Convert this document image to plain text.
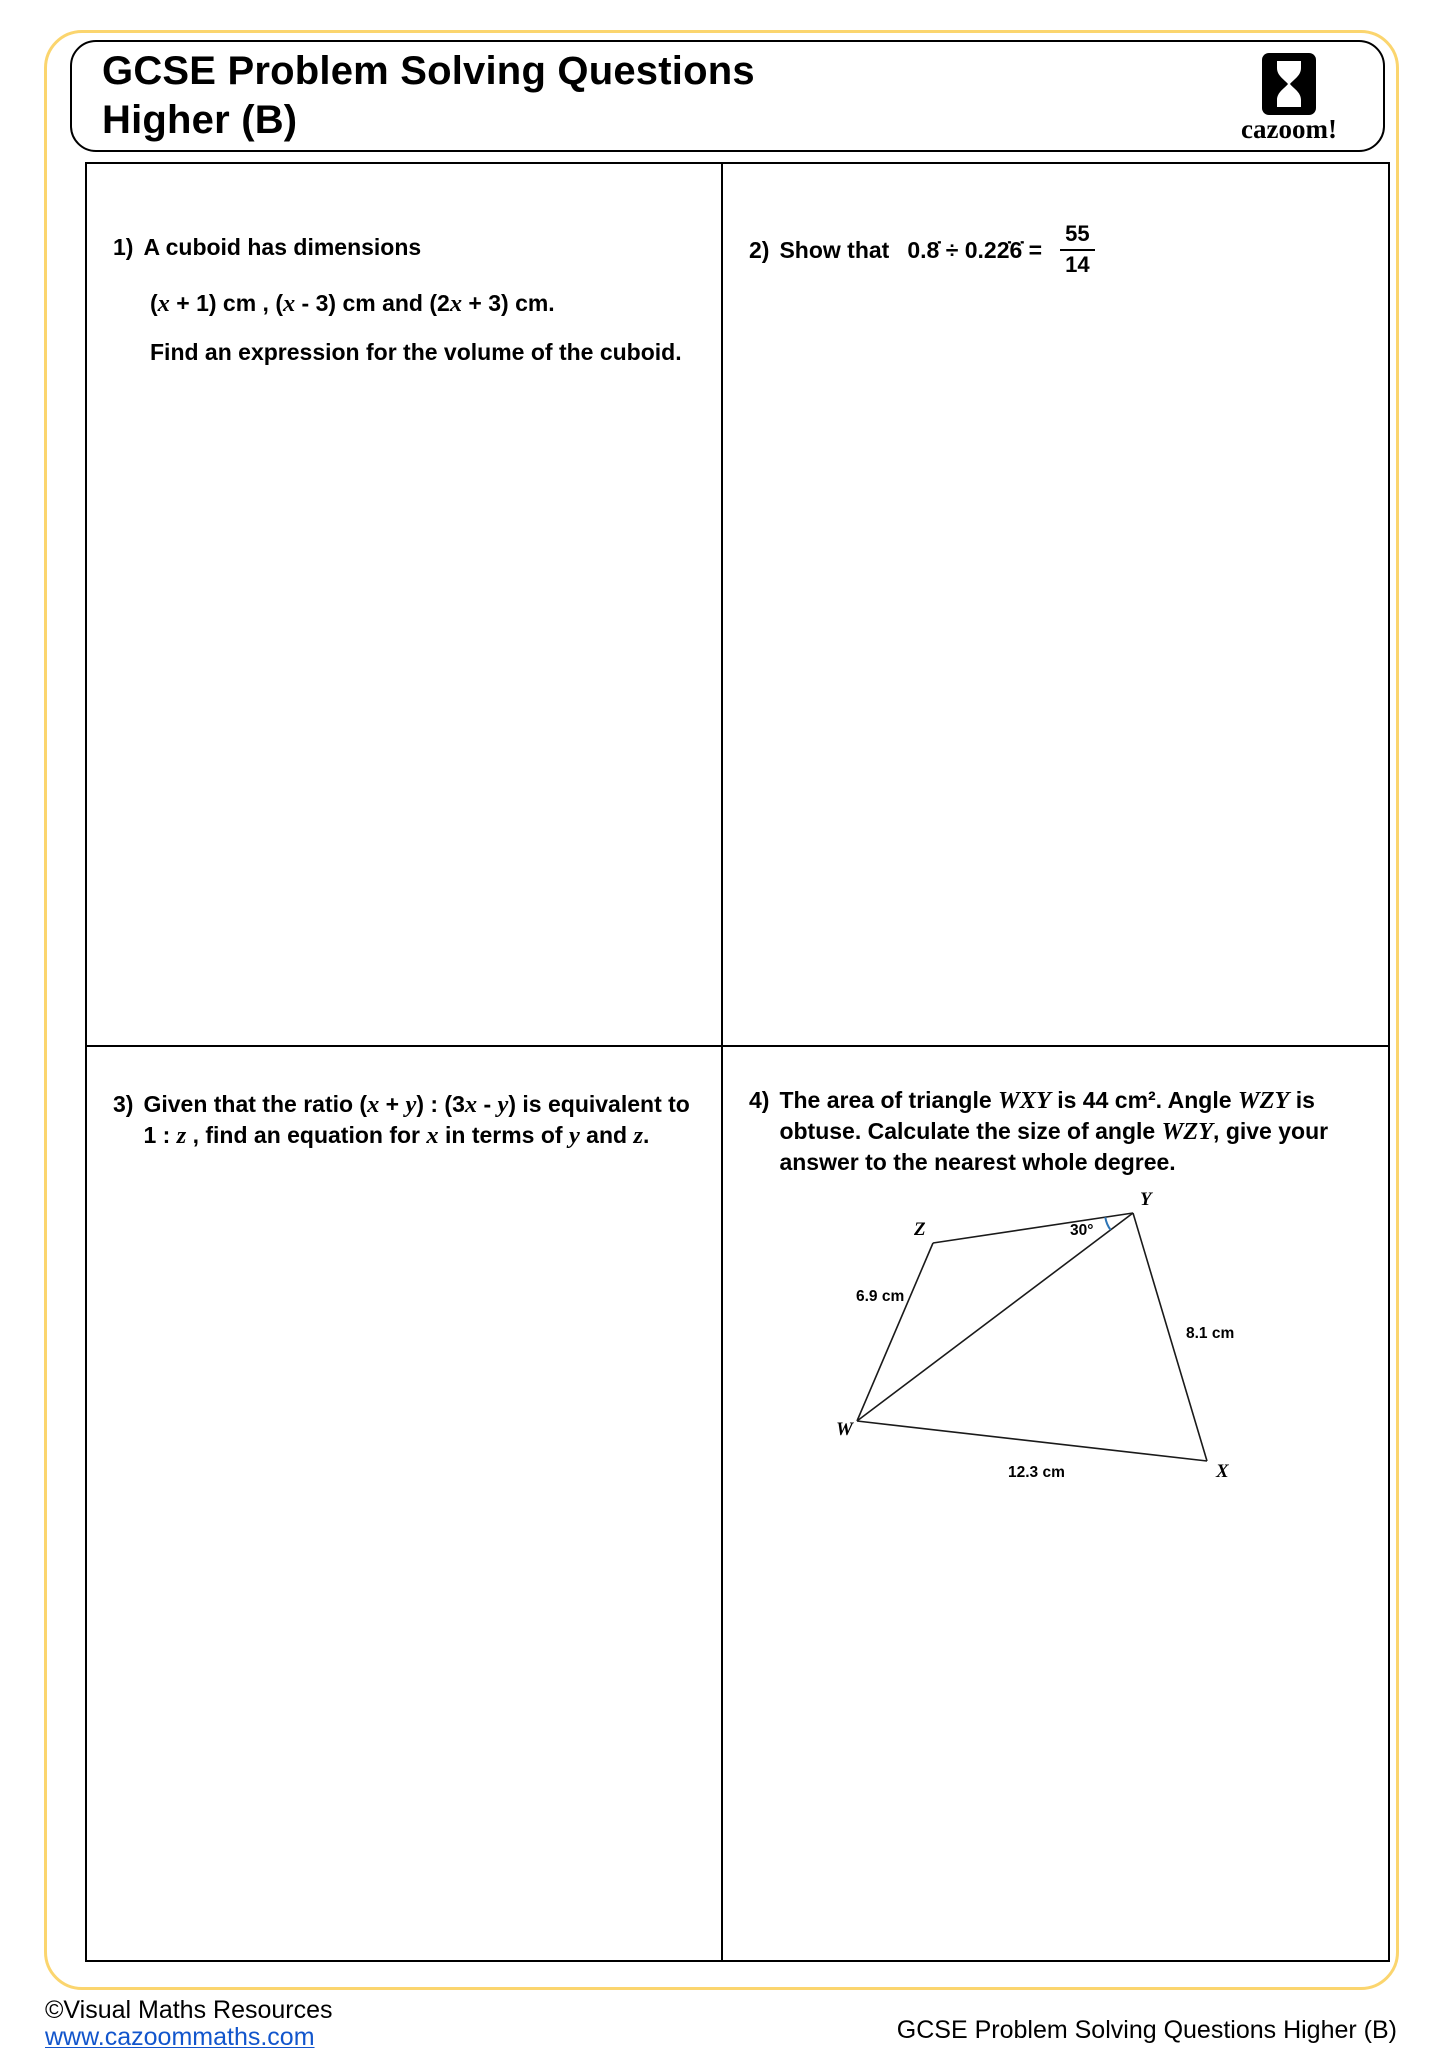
GCSE Problem Solving Questions
Higher (B)	cazoom!
1) A cuboid has dimensions
(x + 1) cm , (x - 3) cm and (2x + 3) cm.
Find an expression for the volume of the cuboid.
2) Show that 0.8̇ ÷ 0.22̇6̇ = $\frac{55}{14}$
3) Given that the ratio (x + y) : (3x - y) is equivalent to 1 : z , find an equation for x in terms of y and z.
4) The area of triangle WXY is 44 cm². Angle WZY is obtuse. Calculate the size of angle WZY, give your answer to the nearest whole degree.
Y
Z
W
X
30°
6.9 cm
8.1 cm
12.3 cm
©Visual Maths Resources
www.cazoommaths.com	GCSE Problem Solving Questions Higher (B)
